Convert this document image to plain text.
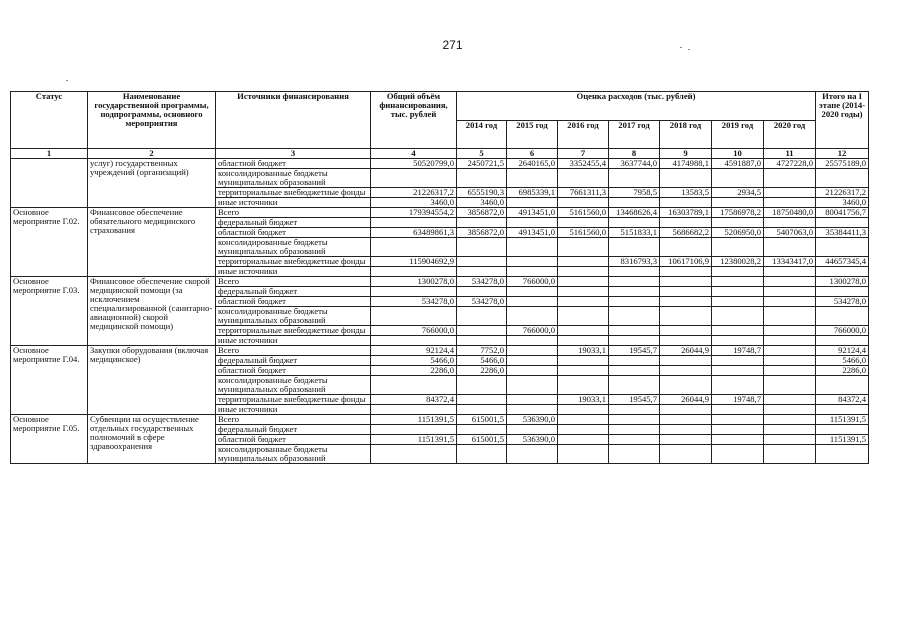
271
Статус	Наименование государственной программы, подпрограммы, основного мероприятия	Источники финансирования	Общий объём финансирования, тыс. рублей	Оценка расходов (тыс. рублей)							Итого на I этапе (2014-2020 годы)
				2014 год	2015 год	2016 год	2017 год	2018 год	2019 год	2020 год	
1	2	3	4	5	6	7	8	9	10	11	12
	услуг) государственных учреждений (организаций)	областной бюджет	50520799,0	2450721,5	2640165,0	3352455,4	3637744,0	4174988,1	4591887,0	4727228,0	25575189,0
		консолидированные бюджеты муниципальных образований									
		территориальные внебюджетные фонды	21226317,2	6555190,3	6985339,1	7661311,3	7958,5	13583,5	2934,5		21226317,2
		иные источники	3460,0	3460,0							3460,0
Основное мероприятие Г.02.	Финансовое обеспечение обязательного медицинского страхования	Всего	179394554,2	3856872,0	4913451,0	5161560,0	13468626,4	16303789,1	17586978,2	18750480,0	80041756,7
		федеральный бюджет									
		областной бюджет	63489861,3	3856872,0	4913451,0	5161560,0	5151833,1	5686682,2	5206950,0	5407063,0	35384411,3
		консолидированные бюджеты муниципальных образований									
		территориальные внебюджетные фонды	115904692,9				8316793,3	10617106,9	12380028,2	13343417,0	44657345,4
		иные источники									
Основное мероприятие Г.03.	Финансовое обеспечение скорой медицинской помощи (за исключением специализированной (санитарно-авиационной) скорой медицинской помощи)	Всего	1300278,0	534278,0	766000,0						1300278,0
		федеральный бюджет									
		областной бюджет	534278,0	534278,0							534278,0
		консолидированные бюджеты муниципальных образований									
		территориальные внебюджетные фонды	766000,0		766000,0						766000,0
		иные источники									
Основное мероприятие Г.04.	Закупки оборудования (включая медицинское)	Всего	92124,4	7752,0		19033,1	19545,7	26044,9	19748,7		92124,4
		федеральный бюджет	5466,0	5466,0							5466,0
		областной бюджет	2286,0	2286,0							2286,0
		консолидированные бюджеты муниципальных образований									
		территориальные внебюджетные фонды	84372,4			19033,1	19545,7	26044,9	19748,7		84372,4
		иные источники									
Основное мероприятие Г.05.	Субвенции на осуществление отдельных государственных полномочий в сфере здравоохранения	Всего	1151391,5	615001,5	536390,0						1151391,5
		федеральный бюджет									
		областной бюджет	1151391,5	615001,5	536390,0						1151391,5
		консолидированные бюджеты муниципальных образований									
